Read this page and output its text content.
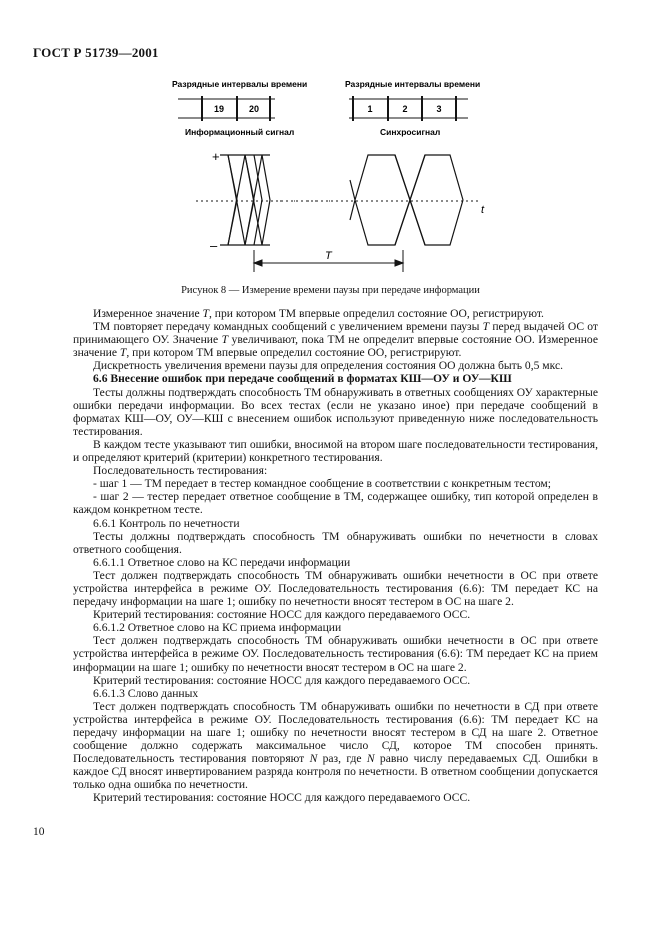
ГОСТ Р 51739—2001
Разрядные интервалы времени	Разрядные интервалы времени
19	20	1	2	3
Информационный сигнал	Синхросигнал
+
–
t
T
Рисунок 8 — Измерение времени паузы при передаче информации

Измеренное значение T, при котором ТМ впервые определил состояние ОО, регистрируют.

ТМ повторяет передачу командных сообщений с увеличением времени паузы T перед выдачей ОС от принимающего ОУ. Значение T увеличивают, пока ТМ не определит впервые состояние ОО. Измеренное значение T, при котором ТМ впервые определил состояние ОО, регистрируют.

Дискретность увеличения времени паузы для определения состояния ОО должна быть 0,5 мкс.

6.6 Внесение ошибок при передаче сообщений в форматах КШ—ОУ и ОУ—КШ

Тесты должны подтверждать способность ТМ обнаруживать в ответных сообщениях ОУ характерные ошибки передачи информации. Во всех тестах (если не указано иное) при передаче сообщений в форматах КШ—ОУ, ОУ—КШ с внесением ошибок используют приведенную ниже последовательность тестирования.

В каждом тесте указывают тип ошибки, вносимой на втором шаге последовательности тестирования, и определяют критерий (критерии) конкретного тестирования.

Последовательность тестирования:

- шаг 1 — ТМ передает в тестер командное сообщение в соответствии с конкретным тестом;

- шаг 2 — тестер передает ответное сообщение в ТМ, содержащее ошибку, тип которой определен в каждом конкретном тесте.

6.6.1 Контроль по нечетности

Тесты должны подтверждать способность ТМ обнаруживать ошибки по нечетности в словах ответного сообщения.

6.6.1.1 Ответное слово на КС передачи информации

Тест должен подтверждать способность ТМ обнаруживать ошибки нечетности в ОС при ответе устройства интерфейса в режиме ОУ. Последовательность тестирования (6.6): ТМ передает КС на передачу информации на шаге 1; ошибку по нечетности вносят тестером в ОС на шаге 2.

Критерий тестирования: состояние НОСС для каждого передаваемого ОСС.

6.6.1.2 Ответное слово на КС приема информации

Тест должен подтверждать способность ТМ обнаруживать ошибки нечетности в ОС при ответе устройства интерфейса в режиме ОУ. Последовательность тестирования (6.6): ТМ передает КС на прием информации на шаге 1; ошибку по нечетности вносят тестером в ОС на шаге 2.

Критерий тестирования: состояние НОСС для каждого передаваемого ОСС.

6.6.1.3 Слово данных

Тест должен подтверждать способность ТМ обнаруживать ошибки по нечетности в СД при ответе устройства интерфейса в режиме ОУ. Последовательность тестирования (6.6): ТМ передает КС на передачу информации на шаге 1; ошибку по нечетности вносят тестером в СД на шаге 2. Ответное сообщение должно содержать максимальное число СД, которое ТМ способен принять. Последовательность тестирования повторяют N раз, где N равно числу передаваемых СД. Ошибки в каждое СД вносят инвертированием разряда контроля по нечетности. В ответном сообщении допускается только одна ошибка по нечетности.

Критерий тестирования: состояние НОСС для каждого передаваемого ОСС.

10
